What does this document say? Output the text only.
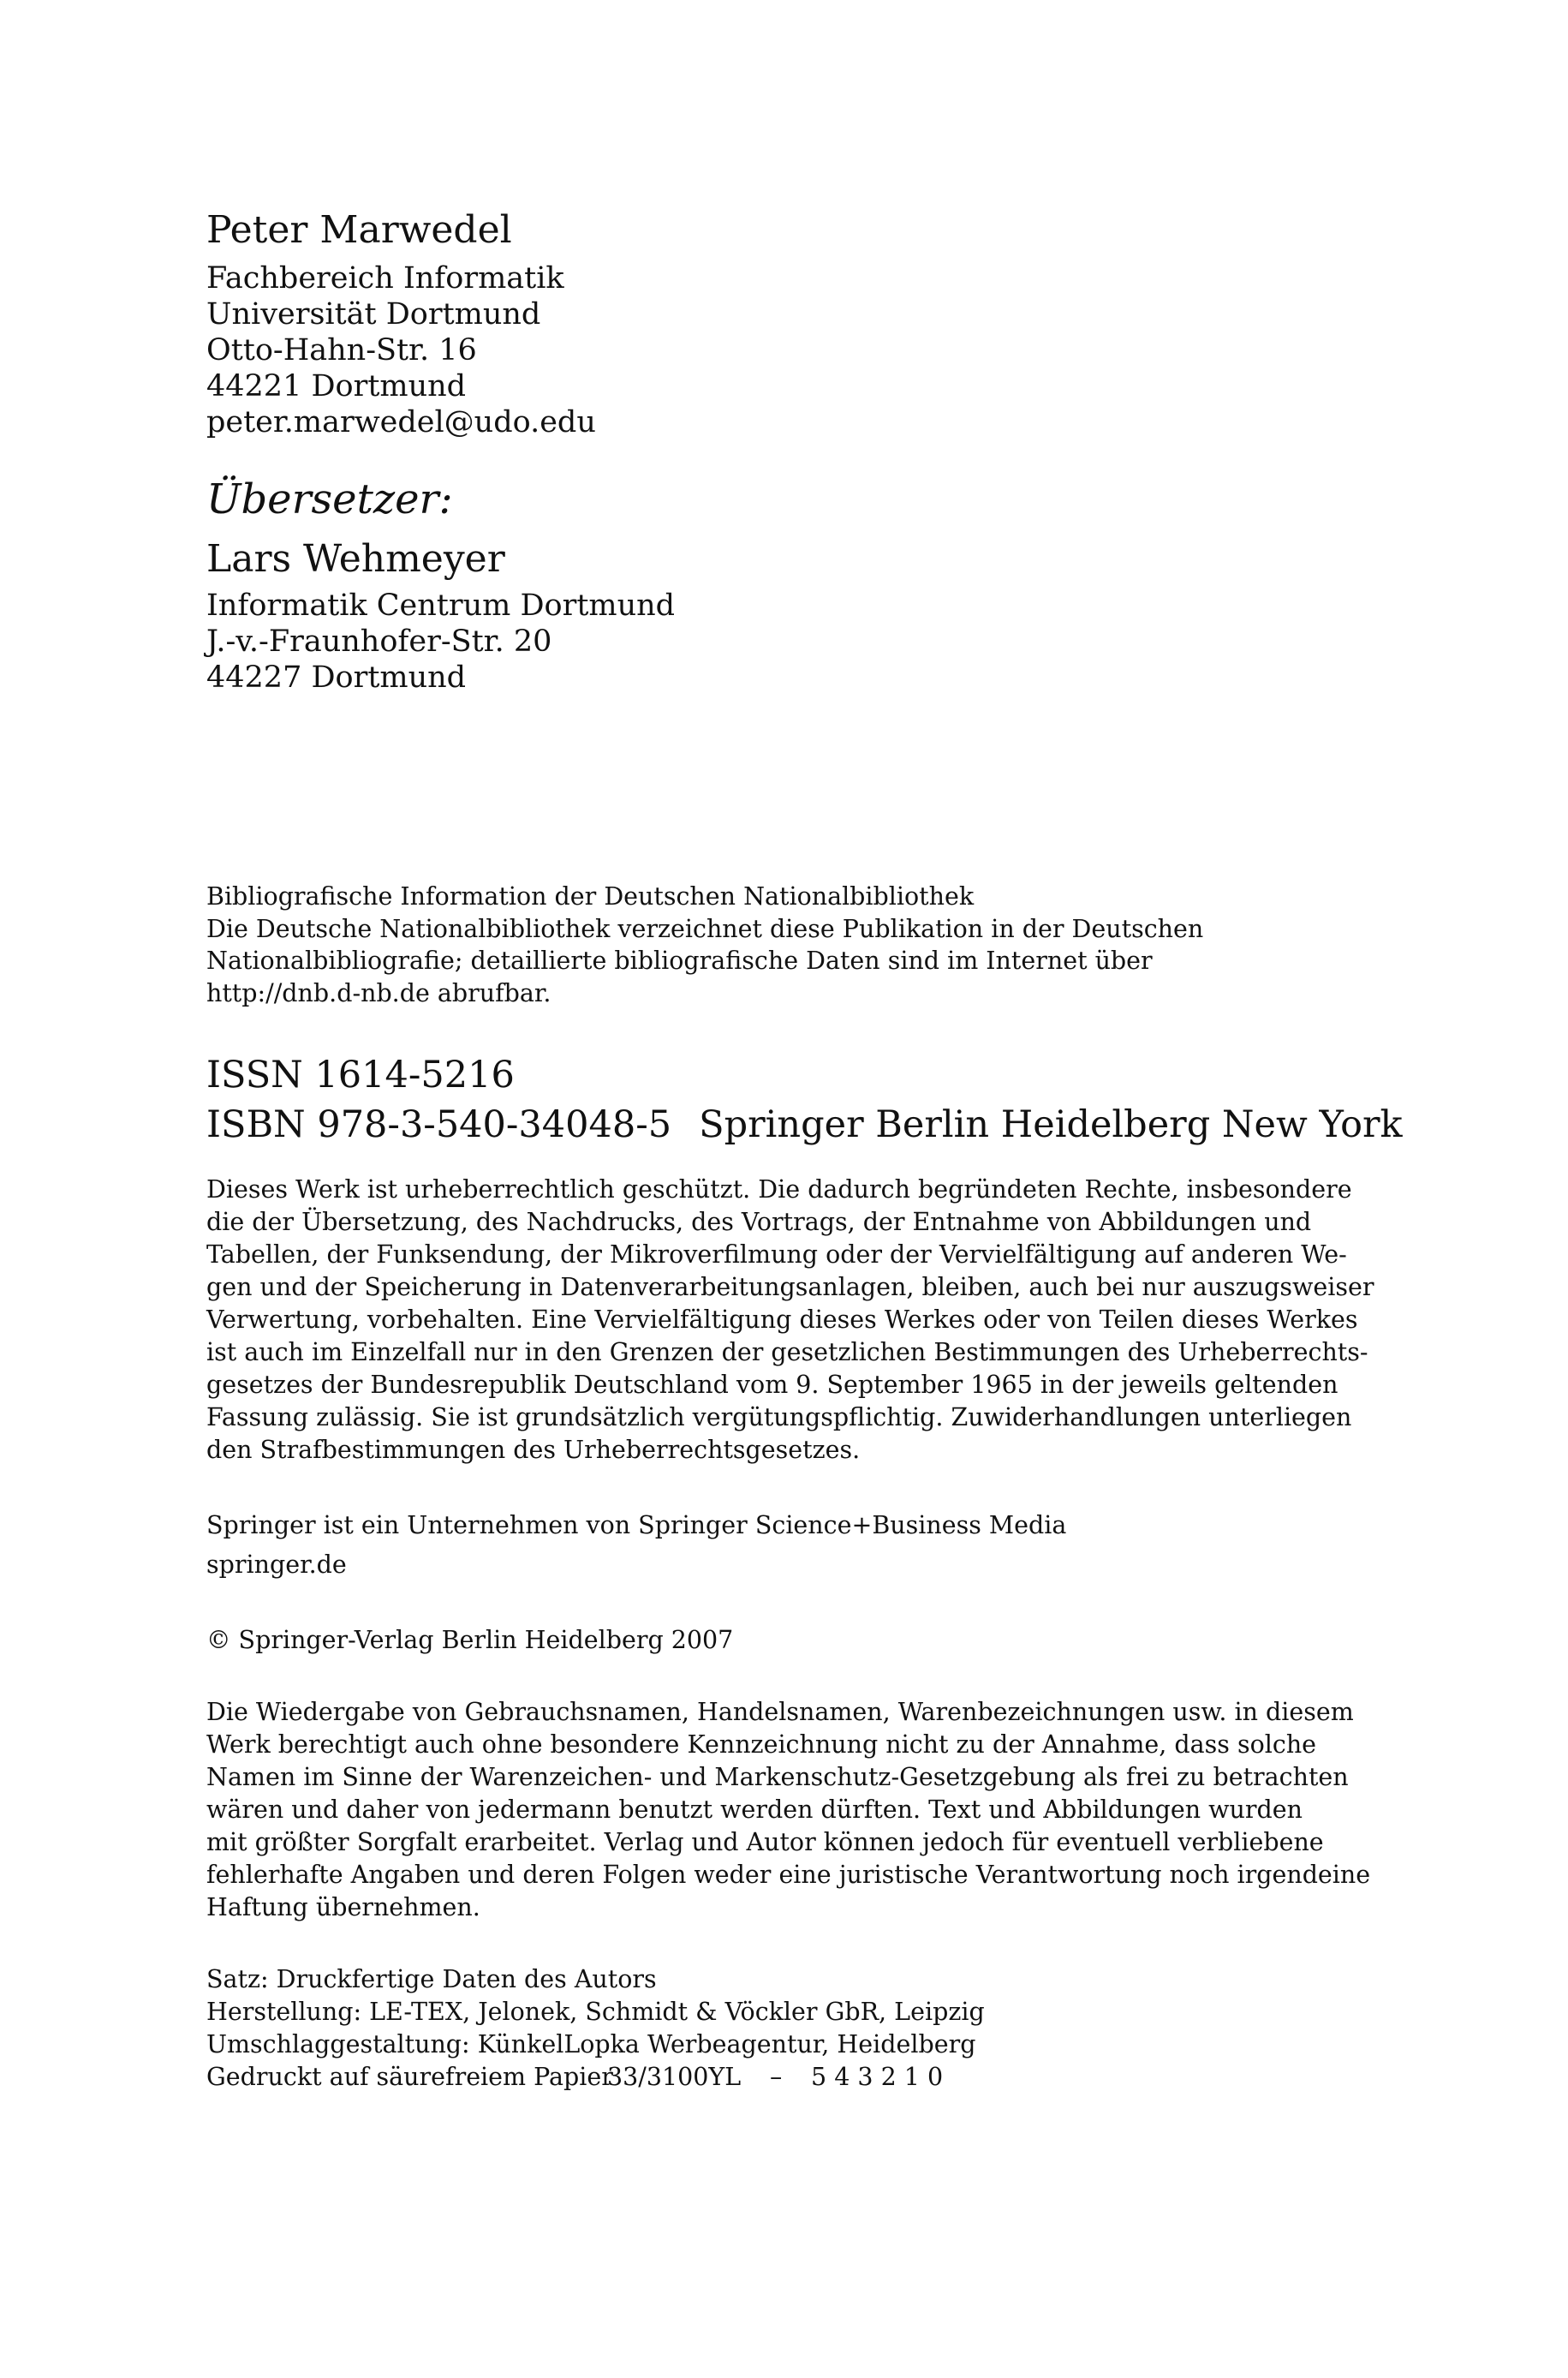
Peter Marwedel
Fachbereich Informatik
Universität Dortmund
Otto-Hahn-Str. 16
44221 Dortmund
peter.marwedel@udo.edu
Übersetzer:
Lars Wehmeyer
Informatik Centrum Dortmund
J.-v.-Fraunhofer-Str. 20
44227 Dortmund
Bibliografische Information der Deutschen Nationalbibliothek
Die Deutsche Nationalbibliothek verzeichnet diese Publikation in der Deutschen
Nationalbibliografie; detaillierte bibliografische Daten sind im Internet über
http://dnb.d-nb.de abrufbar.
ISSN 1614-5216
ISBN 978-3-540-34048-5 Springer Berlin Heidelberg New York
Dieses Werk ist urheberrechtlich geschützt. Die dadurch begründeten Rechte, insbesondere
die der Übersetzung, des Nachdrucks, des Vortrags, der Entnahme von Abbildungen und
Tabellen, der Funksendung, der Mikroverfilmung oder der Vervielfältigung auf anderen We-
gen und der Speicherung in Datenverarbeitungsanlagen, bleiben, auch bei nur auszugsweiser
Verwertung, vorbehalten. Eine Vervielfältigung dieses Werkes oder von Teilen dieses Werkes
ist auch im Einzelfall nur in den Grenzen der gesetzlichen Bestimmungen des Urheberrechts-
gesetzes der Bundesrepublik Deutschland vom 9. September 1965 in der jeweils geltenden
Fassung zulässig. Sie ist grundsätzlich vergütungspflichtig. Zuwiderhandlungen unterliegen
den Strafbestimmungen des Urheberrechtsgesetzes.
Springer ist ein Unternehmen von Springer Science+Business Media
springer.de
© Springer-Verlag Berlin Heidelberg 2007
Die Wiedergabe von Gebrauchsnamen, Handelsnamen, Warenbezeichnungen usw. in diesem
Werk berechtigt auch ohne besondere Kennzeichnung nicht zu der Annahme, dass solche
Namen im Sinne der Warenzeichen- und Markenschutz-Gesetzgebung als frei zu betrachten
wären und daher von jedermann benutzt werden dürften. Text und Abbildungen wurden
mit größter Sorgfalt erarbeitet. Verlag und Autor können jedoch für eventuell verbliebene
fehlerhafte Angaben und deren Folgen weder eine juristische Verantwortung noch irgendeine
Haftung übernehmen.
Satz: Druckfertige Daten des Autors
Herstellung: LE-TEX, Jelonek, Schmidt & Vöckler GbR, Leipzig
Umschlaggestaltung: KünkelLopka Werbeagentur, Heidelberg
Gedruckt auf säurefreiem Papier33/3100YL – 5 4 3 2 1 0
